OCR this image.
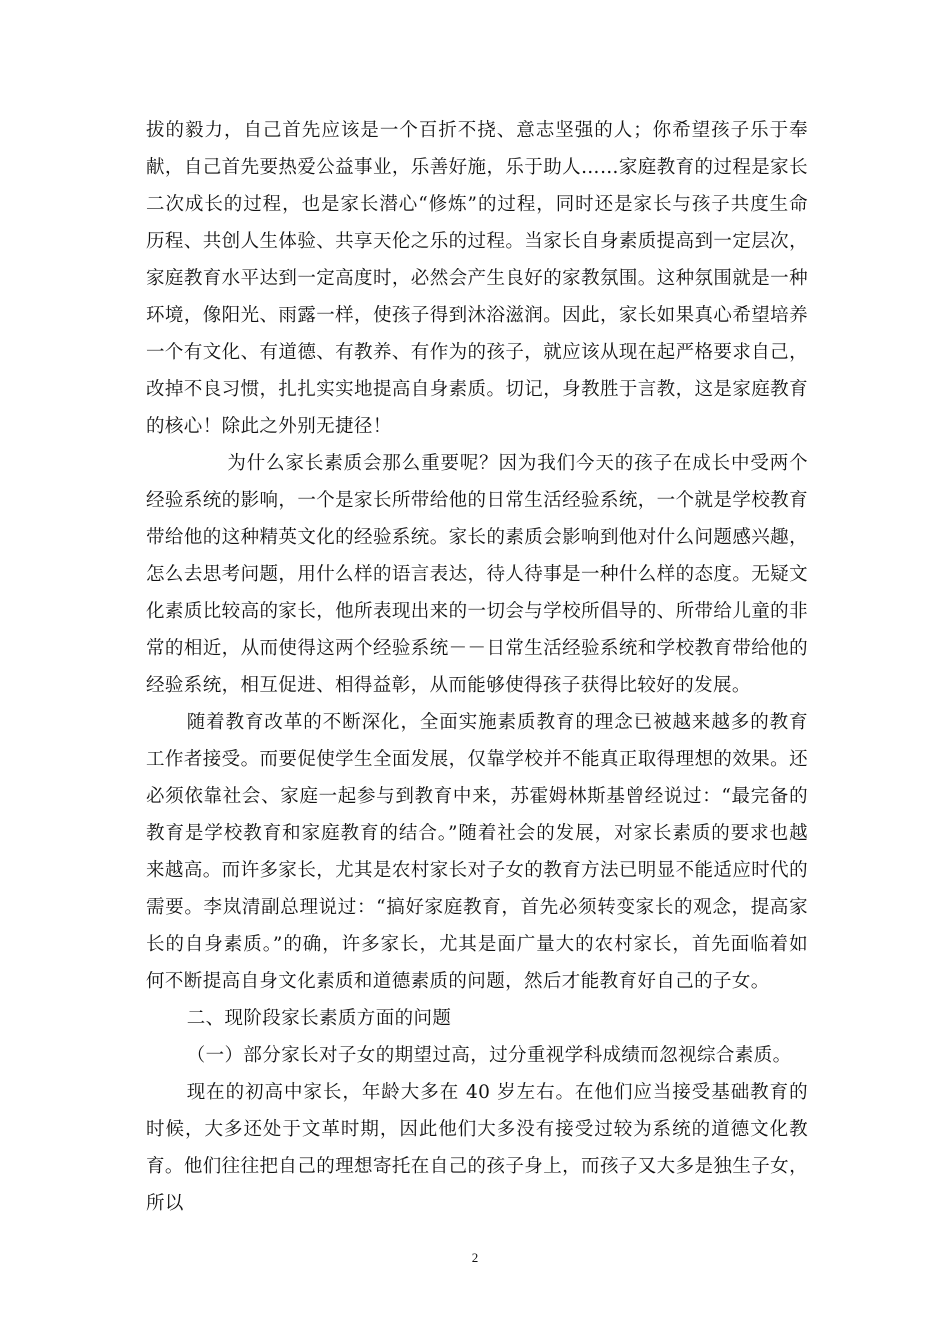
拔的毅力，自己首先应该是一个百折不挠、意志坚强的人；你希望孩子乐于奉献，自己首先要热爱公益事业，乐善好施，乐于助人……家庭教育的过程是家长二次成长的过程，也是家长潜心“修炼”的过程，同时还是家长与孩子共度生命历程、共创人生体验、共享天伦之乐的过程。当家长自身素质提高到一定层次，家庭教育水平达到一定高度时，必然会产生良好的家教氛围。这种氛围就是一种环境，像阳光、雨露一样，使孩子得到沐浴滋润。因此，家长如果真心希望培养一个有文化、有道德、有教养、有作为的孩子，就应该从现在起严格要求自己，改掉不良习惯，扎扎实实地提高自身素质。切记，身教胜于言教，这是家庭教育的核心！除此之外别无捷径！

为什么家长素质会那么重要呢？因为我们今天的孩子在成长中受两个经验系统的影响，一个是家长所带给他的日常生活经验系统，一个就是学校教育带给他的这种精英文化的经验系统。家长的素质会影响到他对什么问题感兴趣，怎么去思考问题，用什么样的语言表达，待人待事是一种什么样的态度。无疑文化素质比较高的家长，他所表现出来的一切会与学校所倡导的、所带给儿童的非常的相近，从而使得这两个经验系统－－日常生活经验系统和学校教育带给他的经验系统，相互促进、相得益彰，从而能够使得孩子获得比较好的发展。

随着教育改革的不断深化，全面实施素质教育的理念已被越来越多的教育工作者接受。而要促使学生全面发展，仅靠学校并不能真正取得理想的效果。还必须依靠社会、家庭一起参与到教育中来，苏霍姆林斯基曾经说过：“最完备的教育是学校教育和家庭教育的结合。”随着社会的发展，对家长素质的要求也越来越高。而许多家长，尤其是农村家长对子女的教育方法已明显不能适应时代的需要。李岚清副总理说过：“搞好家庭教育，首先必须转变家长的观念，提高家长的自身素质。”的确，许多家长，尤其是面广量大的农村家长，首先面临着如何不断提高自身文化素质和道德素质的问题，然后才能教育好自己的子女。

二、现阶段家长素质方面的问题

（一）部分家长对子女的期望过高，过分重视学科成绩而忽视综合素质。

现在的初高中家长，年龄大多在 40 岁左右。在他们应当接受基础教育的时候，大多还处于文革时期，因此他们大多没有接受过较为系统的道德文化教育。他们往往把自己的理想寄托在自己的孩子身上，而孩子又大多是独生子女，所以

2
